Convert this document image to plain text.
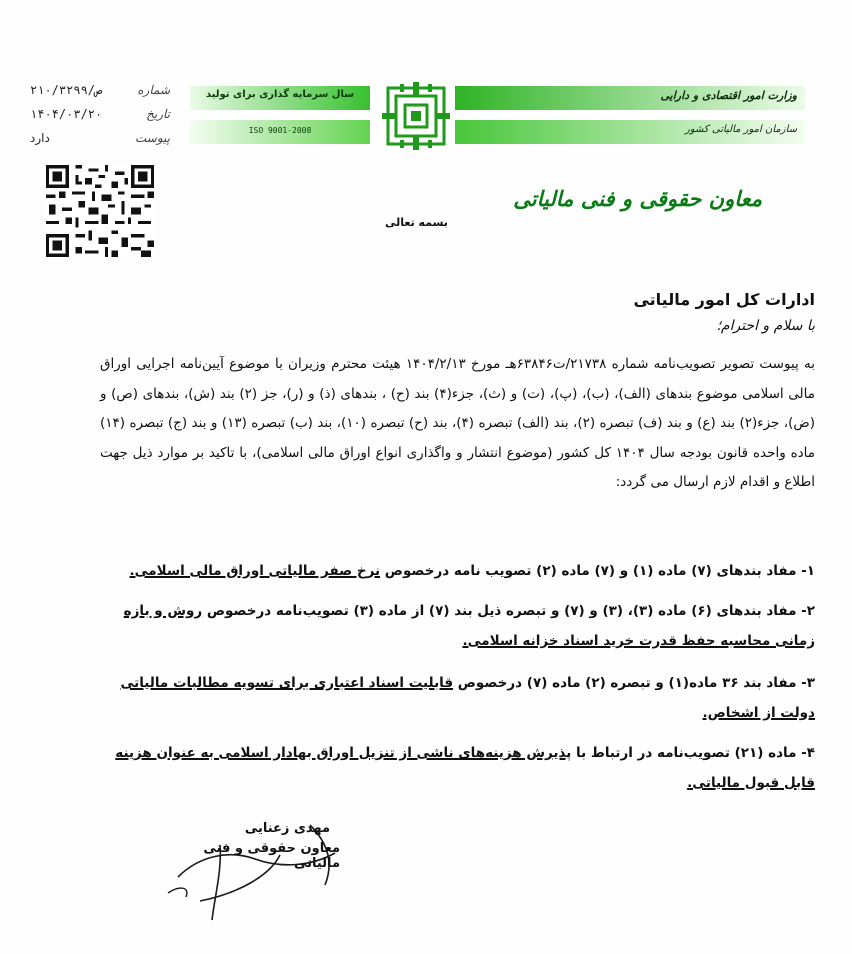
شماره
۲۱۰/۳۲۹۹/ص
تاریخ
۱۴۰۴/۰۳/۲۰
پیوست
دارد
سال سرمایه گذاری برای تولید
ISO 9001-2008
وزارت امور اقتصادی و دارایی
سازمان امور مالیاتی کشور
معاون حقوقی و فنی مالیاتی
بسمه تعالی
ادارات کل امور مالیاتی
با سلام و احترام؛
به پیوست تصویر تصویب‌نامه شماره ۲۱۷۳۸/ت۶۳۸۴۶هـ مورخ ۱۴۰۴/۲/۱۳ هیئت محترم وزیران با موضوع آیین‌نامه اجرایی اوراق مالی اسلامی موضوع بندهای (الف)، (ب)، (پ)، (ت) و (ث)، جزء(۴) بند (ح) ، بندهای (ذ) و (ر)، جز (۲) بند (ش)، بندهای (ص) و (ض)، جزء(۲) بند (ع) و بند (ف) تبصره (۲)، بند (الف) تبصره (۴)، بند (ح) تبصره (۱۰)، بند (ب) تبصره (۱۳) و بند (ج) تبصره (۱۴) ماده واحده قانون بودجه سال ۱۴۰۴ کل کشور (موضوع انتشار و واگذاری انواع اوراق مالی اسلامی)، با تاکید بر موارد ذیل جهت اطلاع و اقدام لازم ارسال می گردد:
۱- مفاد بندهای (۷) ماده (۱) و (۷) ماده (۲) تصویب نامه درخصوص نرخ صفر مالیاتی اوراق مالی اسلامی.
۲- مفاد بندهای (۶) ماده (۳)، (۳) و (۷) و تبصره ذیل بند (۷) از ماده (۳) تصویب‌نامه درخصوص روش و بازه زمانی محاسبه حفظ قدرت خرید اسناد خزانه اسلامی.
۳- مفاد بند ۳۶ ماده(۱) و تبصره (۲) ماده (۷) درخصوص قابلیت اسناد اعتباری برای تسویه مطالبات مالیاتی دولت از اشخاص.
۴- ماده (۲۱) تصویب‌نامه در ارتباط با پذیرش هزینه‌های ناشی از تنزیل اوراق بهادار اسلامی به عنوان هزینه قابل قبول مالیاتی.
مهدی زعنایی
معاون حقوقی و فنی مالیاتی
